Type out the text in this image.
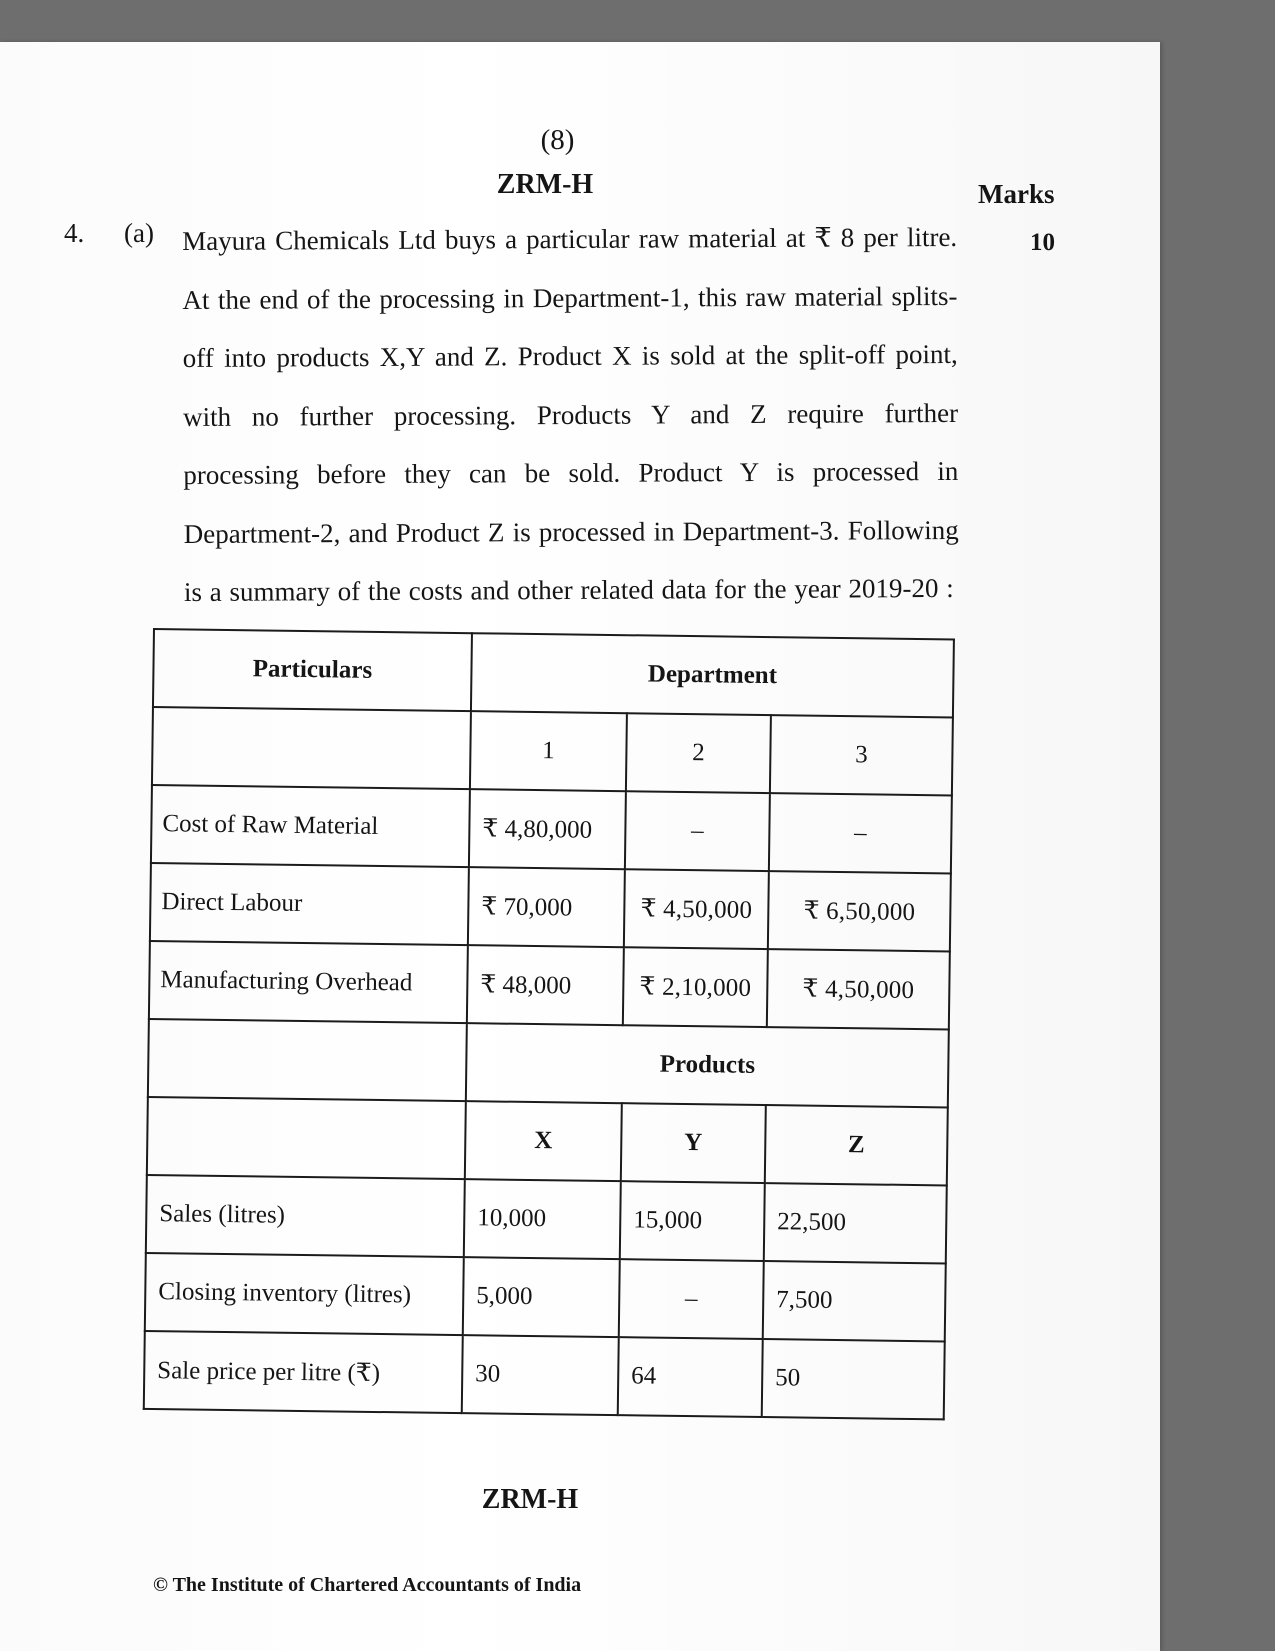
(8)
ZRM-H	Marks
10
4. (a) Mayura Chemicals Ltd buys a particular raw material at ₹ 8 per litre.
At the end of the processing in Department-1, this raw material splits-
off into products X,Y and Z. Product X is sold at the split-off point,
with no further processing. Products Y and Z require further
processing before they can be sold. Product Y is processed in
Department-2, and Product Z is processed in Department-3. Following
is a summary of the costs and other related data for the year 2019-20 :
Particulars	Department		
	1	2	3
Cost of Raw Material	₹ 4,80,000	–	–
Direct Labour	₹ 70,000	₹ 4,50,000	₹ 6,50,000
Manufacturing Overhead	₹ 48,000	₹ 2,10,000	₹ 4,50,000
	Products		
	X	Y	Z
Sales (litres)	10,000	15,000	22,500
Closing inventory (litres)	5,000	–	7,500
Sale price per litre (₹)	30	64	50
ZRM-H
© The Institute of Chartered Accountants of India
